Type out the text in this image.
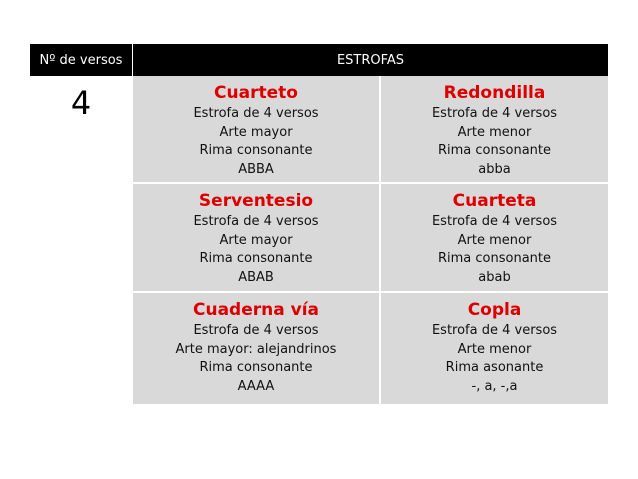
Nº de versos	ESTROFAS
4	Cuarteto
Estrofa de 4 versos
Arte mayor
Rima consonante
ABBA
Redondilla
Estrofa de 4 versos
Arte menor
Rima consonante
abba
Serventesio
Estrofa de 4 versos
Arte mayor
Rima consonante
ABAB
Cuarteta
Estrofa de 4 versos
Arte menor
Rima consonante
abab
Cuaderna vía
Estrofa de 4 versos
Arte mayor: alejandrinos
Rima consonante
AAAA
Copla
Estrofa de 4 versos
Arte menor
Rima asonante
-, a, -,a
